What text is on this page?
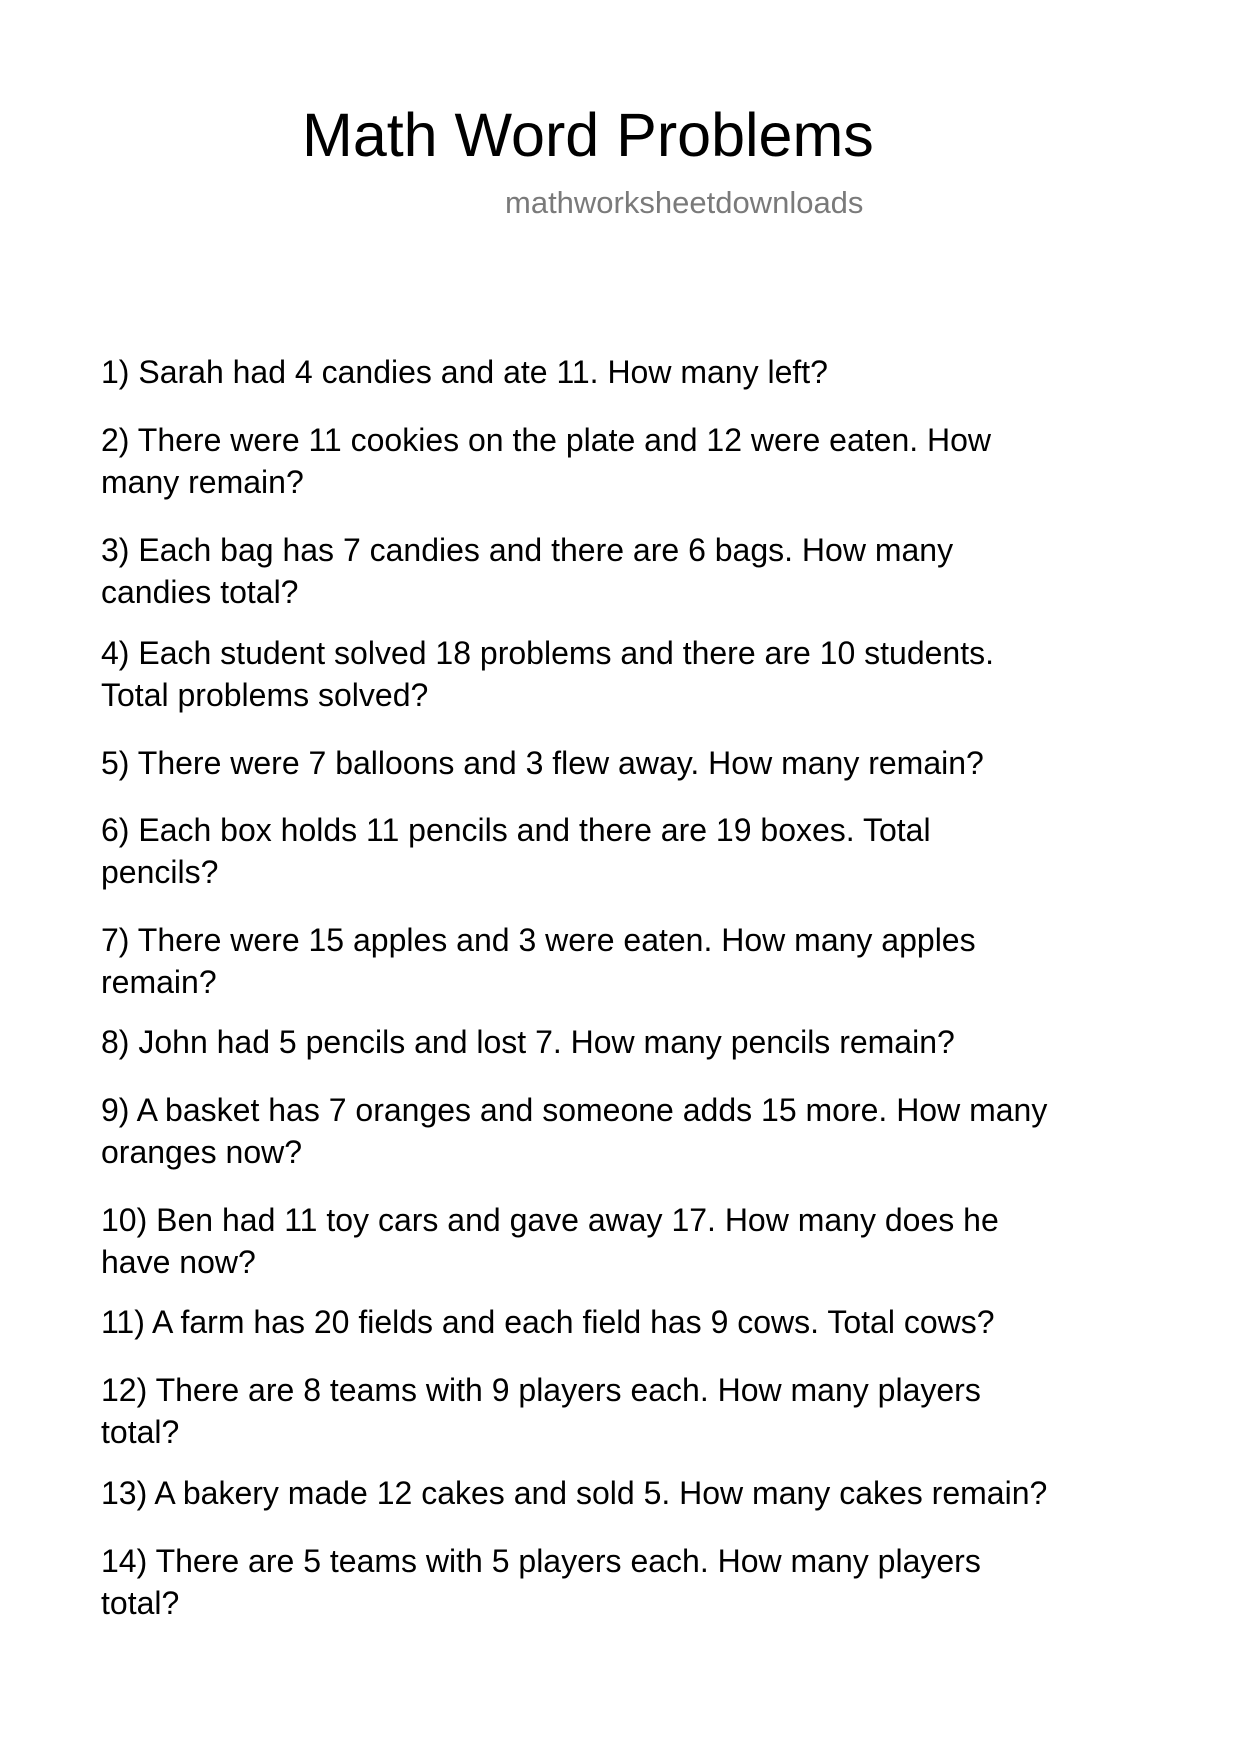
Math Word Problems
mathworksheetdownloads
1) Sarah had 4 candies and ate 11. How many left?
2) There were 11 cookies on the plate and 12 were eaten. How
many remain?
3) Each bag has 7 candies and there are 6 bags. How many
candies total?
4) Each student solved 18 problems and there are 10 students.
Total problems solved?
5) There were 7 balloons and 3 flew away. How many remain?
6) Each box holds 11 pencils and there are 19 boxes. Total
pencils?
7) There were 15 apples and 3 were eaten. How many apples
remain?
8) John had 5 pencils and lost 7. How many pencils remain?
9) A basket has 7 oranges and someone adds 15 more. How many
oranges now?
10) Ben had 11 toy cars and gave away 17. How many does he
have now?
11) A farm has 20 fields and each field has 9 cows. Total cows?
12) There are 8 teams with 9 players each. How many players
total?
13) A bakery made 12 cakes and sold 5. How many cakes remain?
14) There are 5 teams with 5 players each. How many players
total?
